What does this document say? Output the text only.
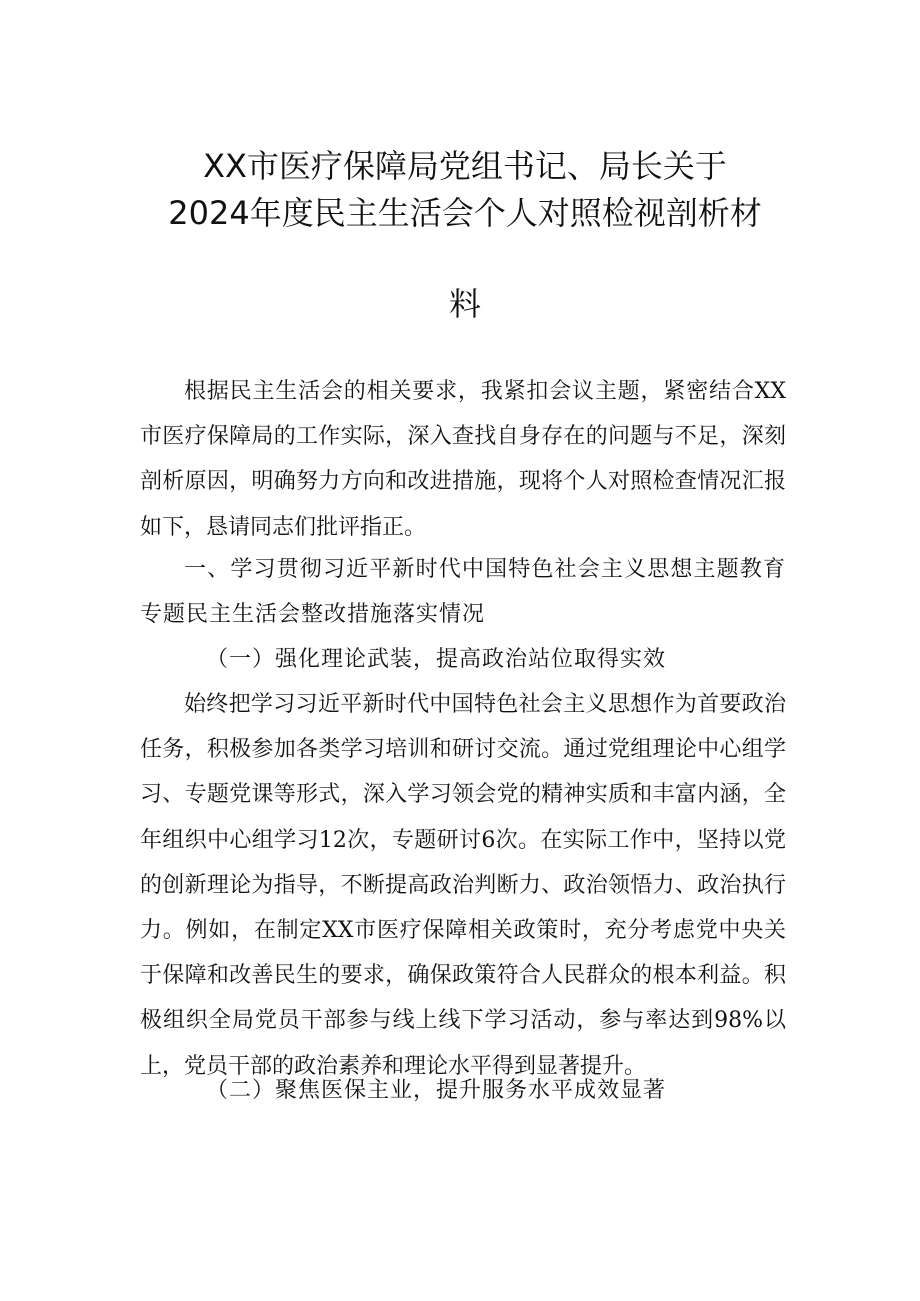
XX市医疗保障局党组书记、局长关于
2024年度民主生活会个人对照检视剖析材
料

根据民主生活会的相关要求，我紧扣会议主题，紧密结合XX市医疗保障局的工作实际，深入查找自身存在的问题与不足，深刻剖析原因，明确努力方向和改进措施，现将个人对照检查情况汇报如下，恳请同志们批评指正。

一、学习贯彻习近平新时代中国特色社会主义思想主题教育专题民主生活会整改措施落实情况

（一）强化理论武装，提高政治站位取得实效

始终把学习习近平新时代中国特色社会主义思想作为首要政治任务，积极参加各类学习培训和研讨交流。通过党组理论中心组学习、专题党课等形式，深入学习领会党的精神实质和丰富内涵，全年组织中心组学习12次，专题研讨6次。在实际工作中，坚持以党的创新理论为指导，不断提高政治判断力、政治领悟力、政治执行力。例如，在制定XX市医疗保障相关政策时，充分考虑党中央关于保障和改善民生的要求，确保政策符合人民群众的根本利益。积极组织全局党员干部参与线上线下学习活动，参与率达到98%以上，党员干部的政治素养和理论水平得到显著提升。

（二）聚焦医保主业，提升服务水平成效显著
